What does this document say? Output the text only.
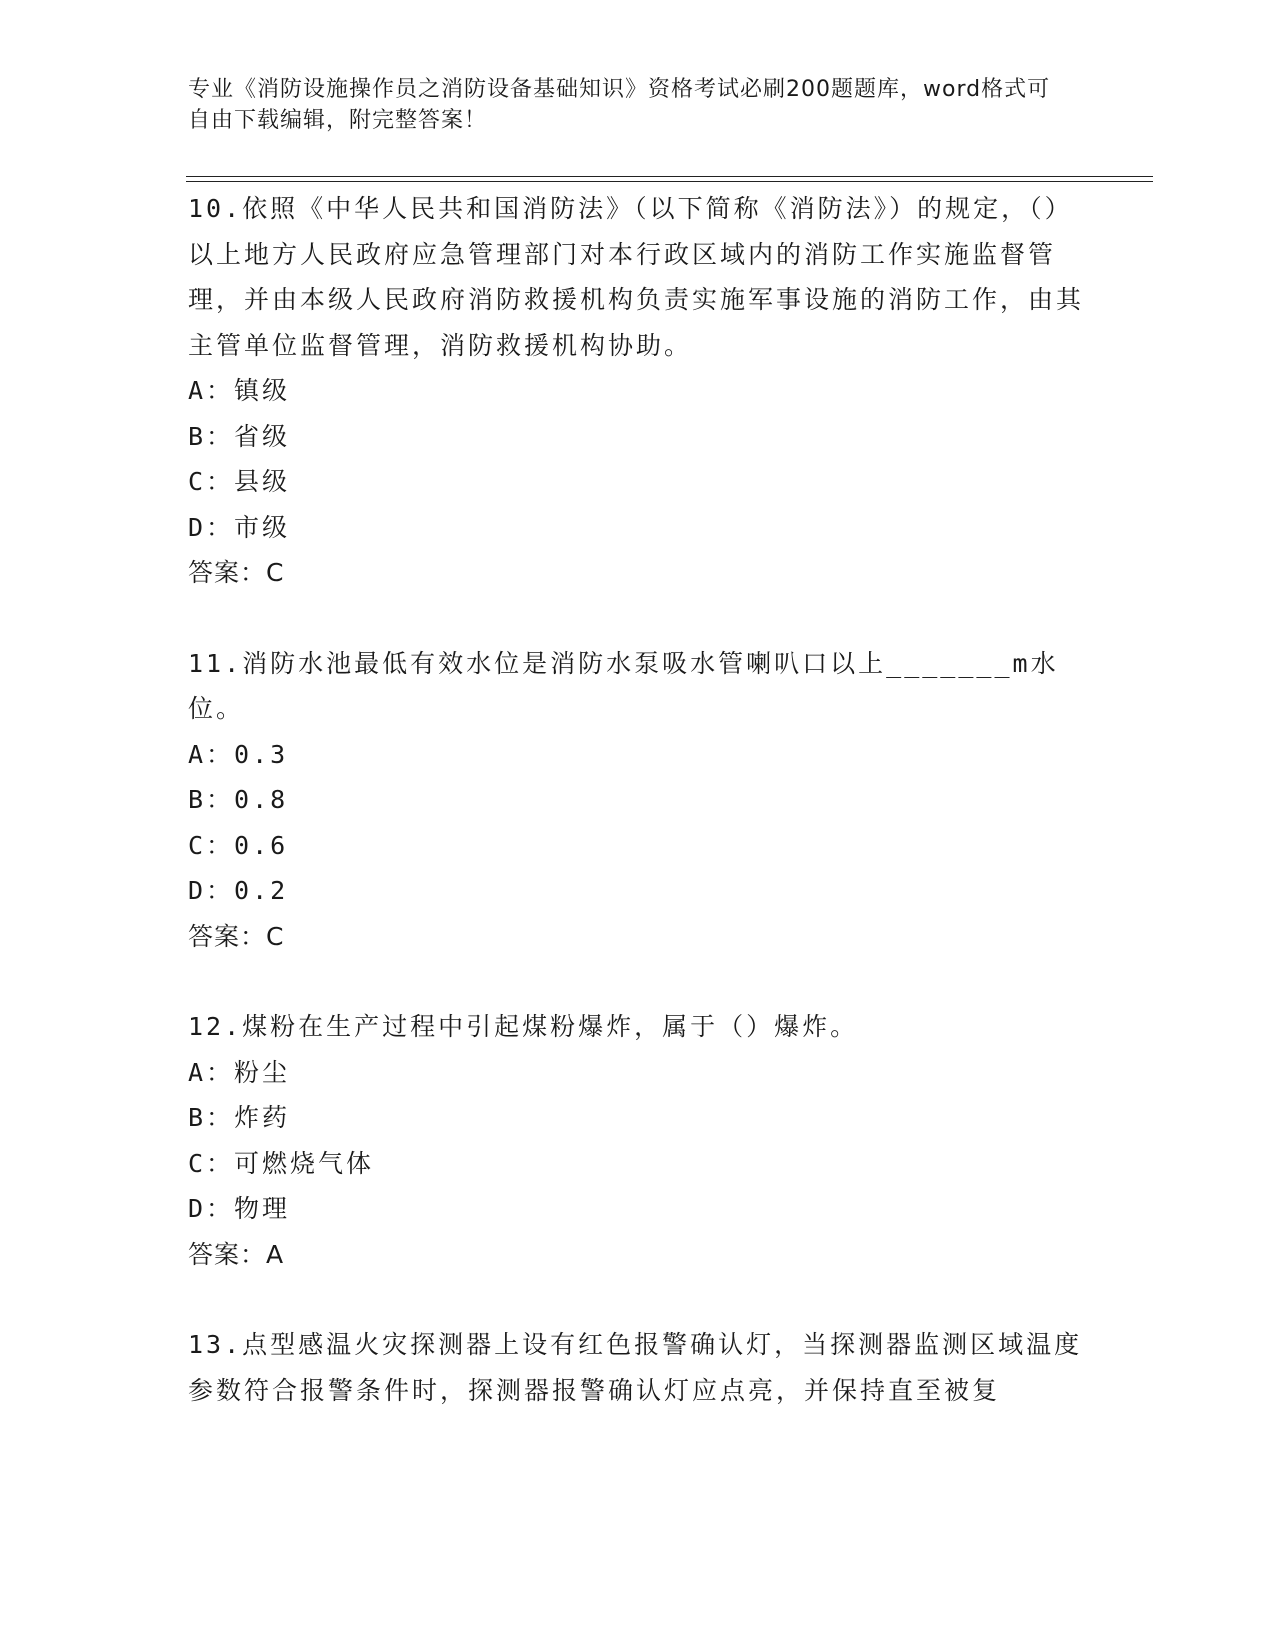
专业《消防设施操作员之消防设备基础知识》资格考试必刷200题题库，word格式可自由下载编辑，附完整答案！

10.依照《中华人民共和国消防法》（以下简称《消防法》）的规定，（）以上地方人民政府应急管理部门对本行政区域内的消防工作实施监督管理，并由本级人民政府消防救援机构负责实施军事设施的消防工作，由其主管单位监督管理，消防救援机构协助。

A：镇级

B：省级

C：县级

D：市级

答案：C

11.消防水池最低有效水位是消防水泵吸水管喇叭口以上_______m水位。

A：0.3

B：0.8

C：0.6

D：0.2

答案：C

12.煤粉在生产过程中引起煤粉爆炸，属于（）爆炸。

A：粉尘

B：炸药

C：可燃烧气体

D：物理

答案：A

13.点型感温火灾探测器上设有红色报警确认灯，当探测器监测区域温度参数符合报警条件时，探测器报警确认灯应点亮，并保持直至被复
